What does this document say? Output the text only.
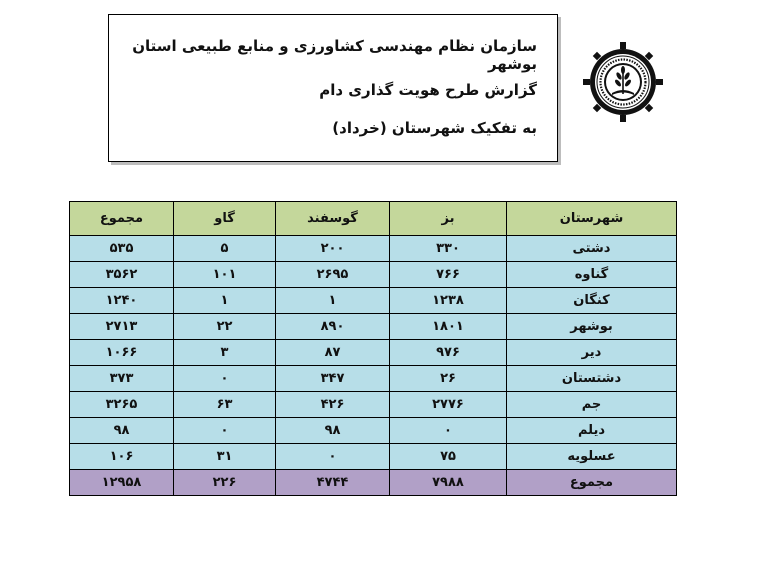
سازمان نظام مهندسی کشاورزی و منابع طبیعی استان بوشهر
گزارش طرح هویت گذاری دام
به تفکیک شهرستان (خرداد)
شهرستان	بز	گوسفند	گاو	مجموع
دشتی	۳۳۰	۲۰۰	۵	۵۳۵
گناوه	۷۶۶	۲۶۹۵	۱۰۱	۳۵۶۲
کنگان	۱۲۳۸	۱	۱	۱۲۴۰
بوشهر	۱۸۰۱	۸۹۰	۲۲	۲۷۱۳
دیر	۹۷۶	۸۷	۳	۱۰۶۶
دشتستان	۲۶	۳۴۷	۰	۳۷۳
جم	۲۷۷۶	۴۲۶	۶۳	۳۲۶۵
دیلم	۰	۹۸	۰	۹۸
عسلویه	۷۵	۰	۳۱	۱۰۶
مجموع	۷۹۸۸	۴۷۴۴	۲۲۶	۱۲۹۵۸
